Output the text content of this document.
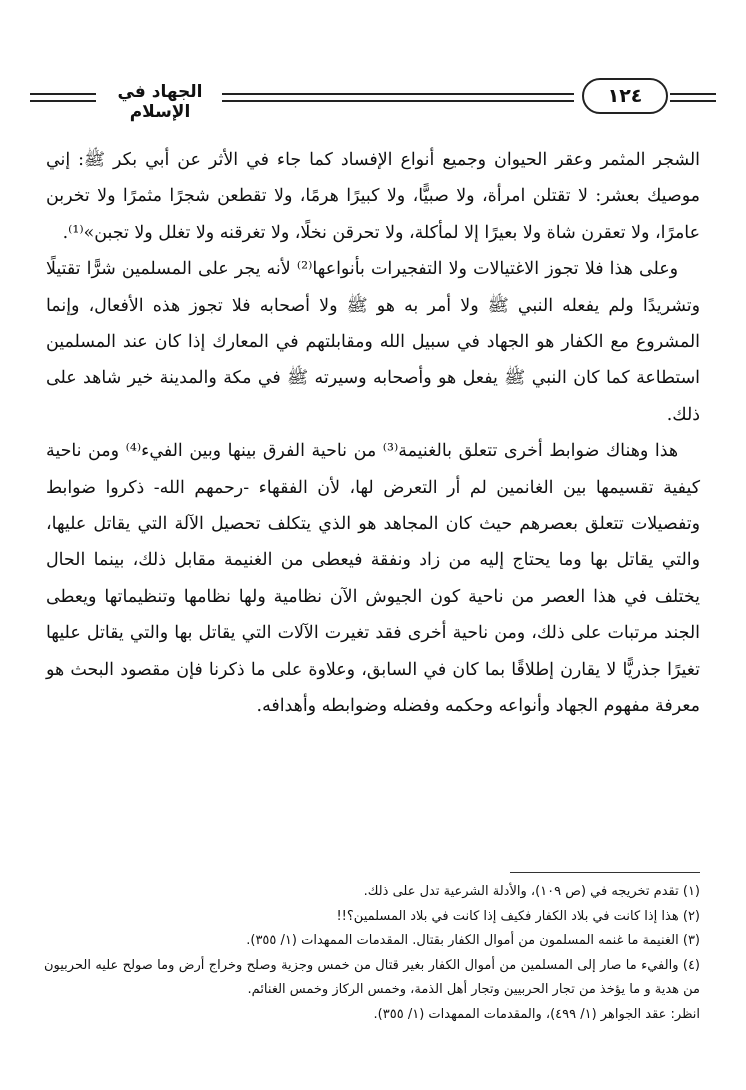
الجهاد في الإسلام
١٢٤

الشجر المثمر وعقر الحيوان وجميع أنواع الإفساد كما جاء في الأثر عن أبي بكر ﷺ: إني موصيك بعشر: لا تقتلن امرأة، ولا صبيًّا، ولا كبيرًا هرمًا، ولا تقطعن شجرًا مثمرًا ولا تخربن عامرًا، ولا تعقرن شاة ولا بعيرًا إلا لمأكلة، ولا تحرقن نخلًا، ولا تغرقنه ولا تغلل ولا تجبن»⁽¹⁾.

وعلى هذا فلا تجوز الاغتيالات ولا التفجيرات بأنواعها⁽²⁾ لأنه يجر على المسلمين شرًّا تقتيلًا وتشريدًا ولم يفعله النبي ﷺ ولا أمر به هو ﷺ ولا أصحابه فلا تجوز هذه الأفعال، وإنما المشروع مع الكفار هو الجهاد في سبيل الله ومقابلتهم في المعارك إذا كان عند المسلمين استطاعة كما كان النبي ﷺ يفعل هو وأصحابه وسيرته ﷺ في مكة والمدينة خير شاهد على ذلك.

هذا وهناك ضوابط أخرى تتعلق بالغنيمة⁽³⁾ من ناحية الفرق بينها وبين الفيء⁽⁴⁾ ومن ناحية كيفية تقسيمها بين الغانمين لم أر التعرض لها، لأن الفقهاء -رحمهم الله- ذكروا ضوابط وتفصيلات تتعلق بعصرهم حيث كان المجاهد هو الذي يتكلف تحصيل الآلة التي يقاتل عليها، والتي يقاتل بها وما يحتاج إليه من زاد ونفقة فيعطى من الغنيمة مقابل ذلك، بينما الحال يختلف في هذا العصر من ناحية كون الجيوش الآن نظامية ولها نظامها وتنظيماتها ويعطى الجند مرتبات على ذلك، ومن ناحية أخرى فقد تغيرت الآلات التي يقاتل بها والتي يقاتل عليها تغيرًا جذريًّا لا يقارن إطلاقًا بما كان في السابق، وعلاوة على ما ذكرنا فإن مقصود البحث هو معرفة مفهوم الجهاد وأنواعه وحكمه وفضله وضوابطه وأهدافه.

(١) تقدم تخريجه في (ص ١٠٩)، والأدلة الشرعية تدل على ذلك.

(٢) هذا إذا كانت في بلاد الكفار فكيف إذا كانت في بلاد المسلمين؟!!

(٣) الغنيمة ما غنمه المسلمون من أموال الكفار بقتال. المقدمات الممهدات (١/ ٣٥٥).

(٤) والفيء ما صار إلى المسلمين من أموال الكفار بغير قتال من خمس وجزية وصلح وخراج أرض وما صولح عليه الحربيون من هدية و ما يؤخذ من تجار الحربيين وتجار أهل الذمة، وخمس الركاز وخمس الغنائم.

انظر: عقد الجواهر (١/ ٤٩٩)، والمقدمات الممهدات (١/ ٣٥٥).
